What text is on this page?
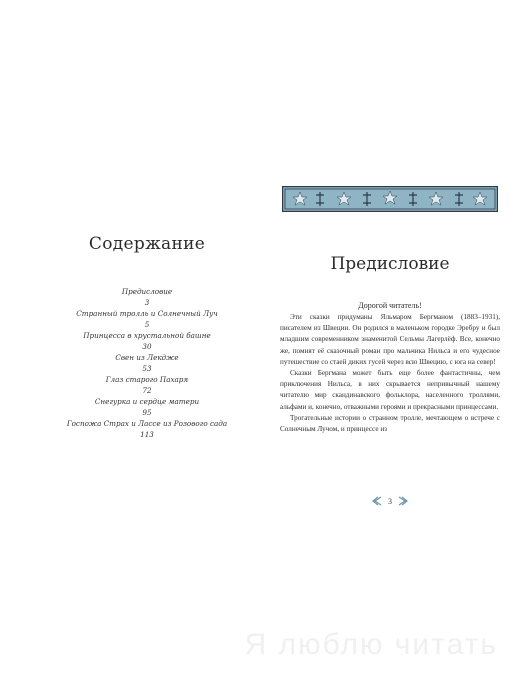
Содержание
Предисловие
3
Странный тролль и Солнечный Луч
5
Принцесса в хрустальной башне
30
Свен из Лекдже
53
Глаз старого Пахаря
72
Снегурка и сердце матери
95
Госпожа Страх и Лассе из Розового сада
113
Предисловие
Дорогой читатель!

Эти сказки придуманы Яльмаром Бергманом (1883–1931), писателем из Швеции. Он родился в маленьком городке Эребру и был младшим современником знаменитой Сельмы Лагерлёф. Все, конечно же, помнят её сказочный роман про мальчика Нильса и его чудесное путешествие со стаей диких гусей через всю Швецию, с юга на север!

Сказки Бергмана может быть еще более фантастичны, чем приключения Нильса, в них скрывается непривычный нашему читателю мир скандинавского фольклора, населенного троллями, альфами и, конечно, отважными героями и прекрасными принцессами.

Трогательные истории о странном тролле, мечтающем о встрече с Солнечным Лучом, и принцессе из

3
Я люблю читать
